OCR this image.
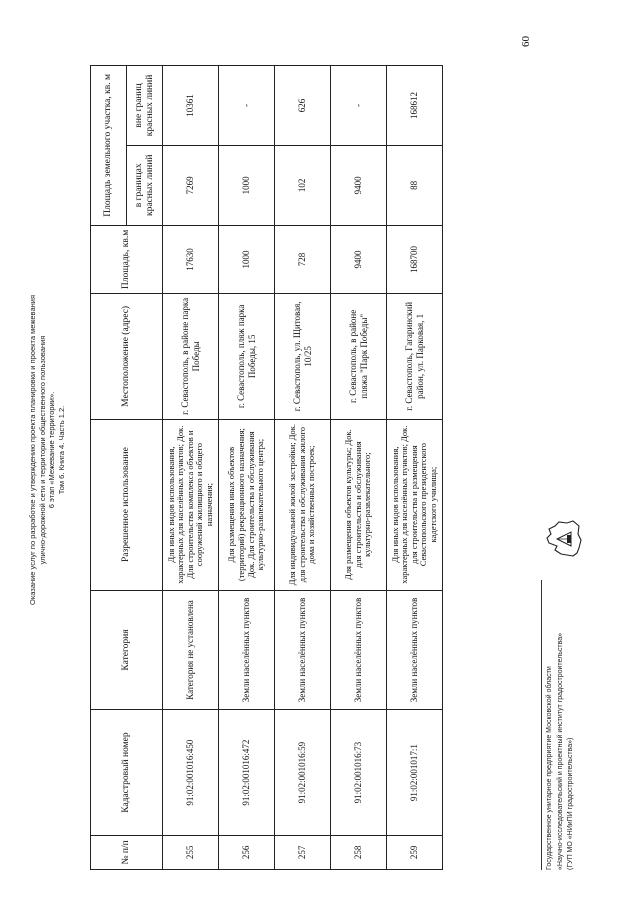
Оказание услуг по разработке и утверждению проекта планировки и проекта межевания улично-дорожной сети и территории общественного пользования 6 этап «Межевание территории». Том 6. Книга 4. Часть 1.2.
№ п/п	Кадастровый номер	Категория	Разрешенное использование	Местоположение (адрес)	Площадь, кв.м	Площадь земельного участка, кв. м	
						в границах красных линий	вне границ красных линий
255	91:02:001016:450	Категория не установлена	Для иных видов использования, характерных для населённых пунктов; Док. Для строительства комплекса объектов и сооружений жилищного и общего назначения;	г. Севастополь, в районе парка Победы	17630	7269	10361
256	91:02:001016:472	Земли населённых пунктов	Для размещения иных объектов (территорий) рекреационного назначения; Док. Для строительства и обслуживания культурно-развлекательного центра;	г. Севастополь, пляж парка Победы, 15	1000	1000	-
257	91:02:001016:59	Земли населённых пунктов	Для индивидуальной жилой застройки; Док. для строительства и обслуживания жилого дома и хозяйственных построек;	г. Севастополь, ул. Щитовая, 10/25	728	102	626
258	91:02:001016:73	Земли населённых пунктов	Для размещения объектов культуры; Док. для строительства и обслуживания культурно-развлекательного;	г. Севастополь, в районе пляжа "Парк Победы"	9400	9400	-
259	91:02:001017:1	Земли населённых пунктов	Для иных видов использования, характерных для населённых пунктов; Док. для строительства и размещения Севастопольского президентского кадетского училища;	г. Севастополь, Гагаринский район, ул. Парковая, 1	168700	88	168612
60
Государственное унитарное предприятие Московской области «Научно-исследовательский и проектный институт градостроительства» (ГУП МО «НИиПИ градостроительства»)
